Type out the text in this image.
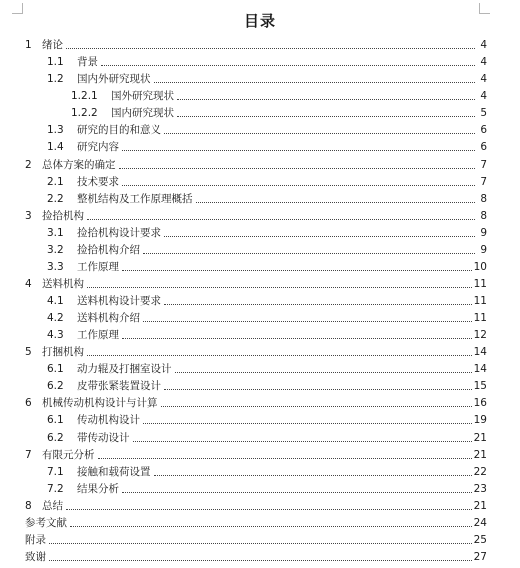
目录
1 绪论	4
1.1 背景	4
1.2 国内外研究现状	4
1.2.1 国外研究现状	4
1.2.2 国内研究现状	5
1.3 研究的目的和意义	6
1.4 研究内容	6
2 总体方案的确定	7
2.1 技术要求	7
2.2 整机结构及工作原理概括	8
3 捡拾机构	8
3.1 捡拾机构设计要求	9
3.2 捡拾机构介绍	9
3.3 工作原理	10
4 送料机构	11
4.1 送料机构设计要求	11
4.2 送料机构介绍	11
4.3 工作原理	12
5 打捆机构	14
6.1 动力辊及打捆室设计	14
6.2 皮带张紧装置设计	15
6 机械传动机构设计与计算	16
6.1 传动机构设计	19
6.2 带传动设计	21
7 有限元分析	21
7.1 接触和载荷设置	22
7.2 结果分析	23
8 总结	21
参考文献	24
附录	25
致谢	27
